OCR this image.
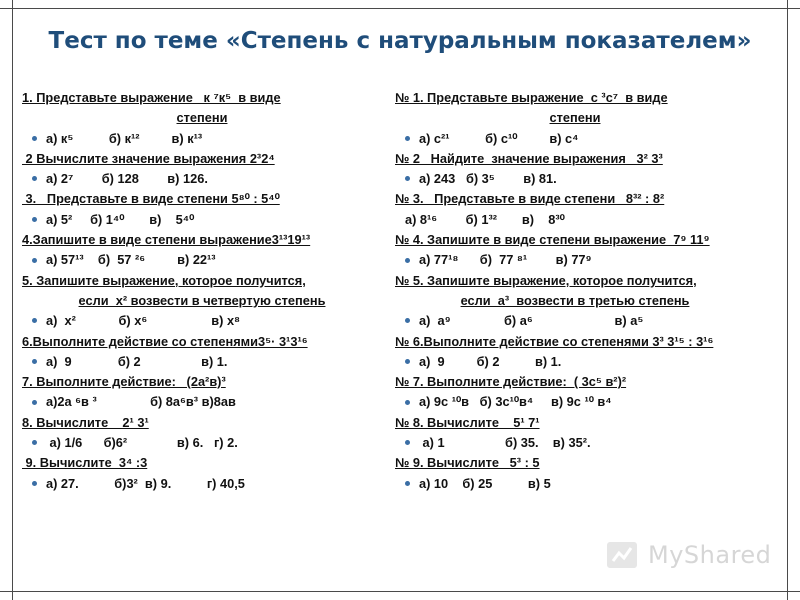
Тест по теме «Степень с натуральным показателем»
1. Представьте выражение   к ⁷к⁵  в виде
степени
а) к⁵          б) к¹²         в) к¹³
2 Вычислите значение выражения 2³2⁴
а) 2⁷        б) 128        в) 126.
3.   Представьте в виде степени 5⁸⁰ : 5⁴⁰
а) 5²     б) 1⁴⁰       в)    5⁴⁰
4.Запишите в виде степени выражение3¹³19¹³
а) 57¹³    б)  57 ²⁶         в) 22¹³
5. Запишите выражение, которое получится,
если  х² возвести в четвертую степень
а)  х²            б) х⁶                  в) х⁸
6.Выполните действие со степенями3⁵· 3¹3¹⁶
а)  9             б) 2                 в) 1.
7. Выполните действие:   (2а²в)³
а)2а ⁶в ³               б) 8а⁶в³ в)8ав
8. Вычислите    2¹ 3¹
а) 1/6      б)6²              в) 6.   г) 2.
9. Вычислите  3⁴ :3
а) 27.          б)3²  в) 9.          г) 40,5
№ 1. Представьте выражение  с ³с⁷  в виде
степени
а) с²¹          б) с¹⁰         в) с⁴
№ 2   Найдите  значение выражения   3² 3³
а) 243   б) 3⁵        в) 81.
№ 3.   Представьте в виде степени   8³² : 8²
а) 8¹⁶        б) 1³²       в)    8³⁰
№ 4. Запишите в виде степени выражение  7⁹ 11⁹
а) 77¹⁸      б)  77 ⁸¹        в) 77⁹
№ 5. Запишите выражение, которое получится,
если  а³  возвести в третью степень
а)  а⁹               б) а⁶                       в) а⁵
№ 6.Выполните действие со степенями 3³ 3¹⁵ : 3¹⁶
а)  9         б) 2          в) 1.
№ 7. Выполните действие:  ( 3с⁵ в²)²
а) 9с ¹⁰в   б) 3с¹⁰в⁴     в) 9с ¹⁰ в⁴
№ 8. Вычислите    5¹ 7¹
а) 1                 б) 35.    в) 35².
№ 9. Вычислите   5³ : 5
а) 10    б) 25          в) 5
MyShared
